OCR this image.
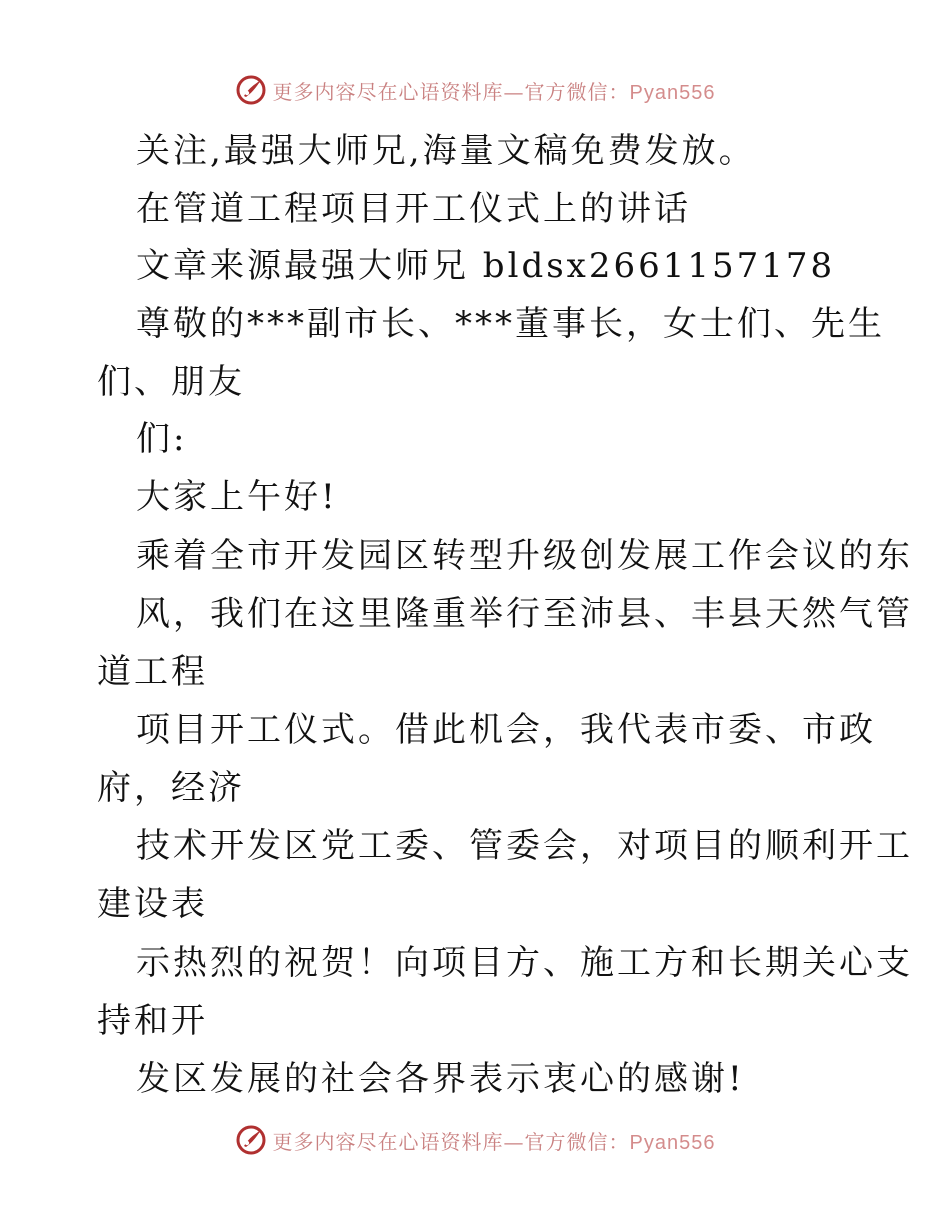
更多内容尽在心语资料库—官方微信：Pyan556
关注,最强大师兄,海量文稿免费发放。
在管道工程项目开工仪式上的讲话
文章来源最强大师兄 bldsx2661157178
尊敬的***副市长、***董事长，女士们、先生
们、朋友
们:
大家上午好!
乘着全市开发园区转型升级创发展工作会议的东
风，我们在这里隆重举行至沛县、丰县天然气管
道工程
项目开工仪式。借此机会，我代表市委、市政
府，经济
技术开发区党工委、管委会，对项目的顺利开工
建设表
示热烈的祝贺！向项目方、施工方和长期关心支
持和开
发区发展的社会各界表示衷心的感谢!
更多内容尽在心语资料库—官方微信：Pyan556
